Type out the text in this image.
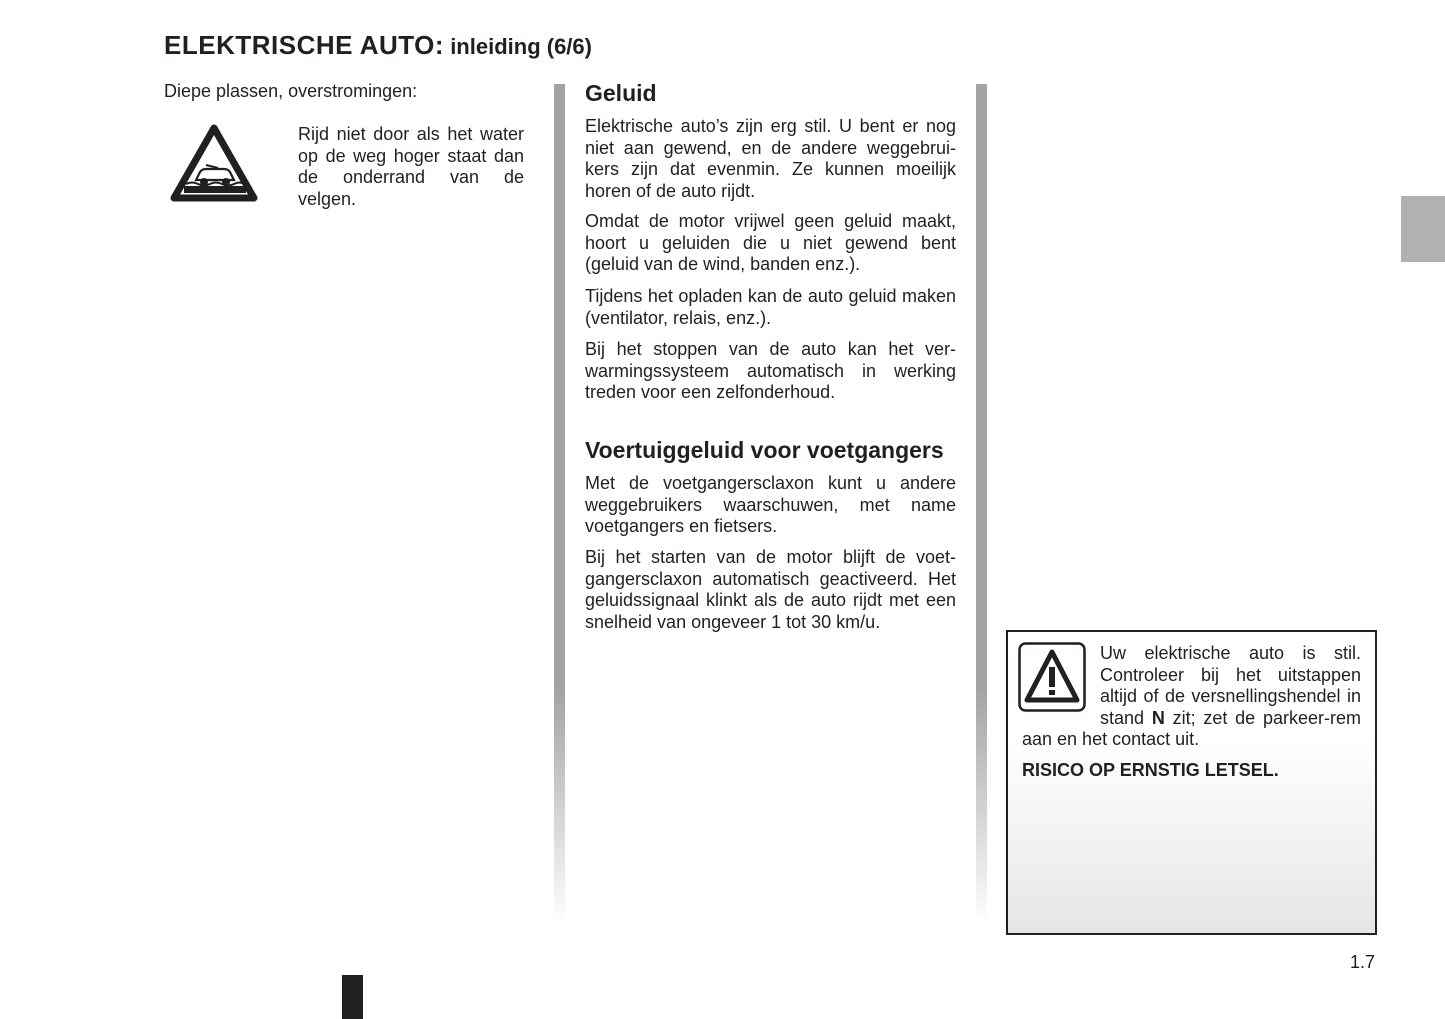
ELEKTRISCHE AUTO: inleiding (6/6)

Diepe plassen, overstromingen:

Rijd niet door als het water op de weg hoger staat dan de onderrand van de velgen.

Geluid

Elektrische auto’s zijn erg stil. U bent er nog niet aan gewend, en de andere weggebrui-kers zijn dat evenmin. Ze kunnen moeilijk horen of de auto rijdt.

Omdat de motor vrijwel geen geluid maakt, hoort u geluiden die u niet gewend bent (geluid van de wind, banden enz.).

Tijdens het opladen kan de auto geluid maken (ventilator, relais, enz.).

Bij het stoppen van de auto kan het ver-warmingssysteem automatisch in werking treden voor een zelfonderhoud.

Voertuiggeluid voor voetgangers

Met de voetgangersclaxon kunt u andere weggebruikers waarschuwen, met name voetgangers en fietsers.

Bij het starten van de motor blijft de voet-gangersclaxon automatisch geactiveerd. Het geluidssignaal klinkt als de auto rijdt met een snelheid van ongeveer 1 tot 30 km/u.

Uw elektrische auto is stil. Controleer bij het uitstappen altijd of de versnellingshendel in stand N zit; zet de parkeer-rem aan en het contact uit.

RISICO OP ERNSTIG LETSEL.

1.7
